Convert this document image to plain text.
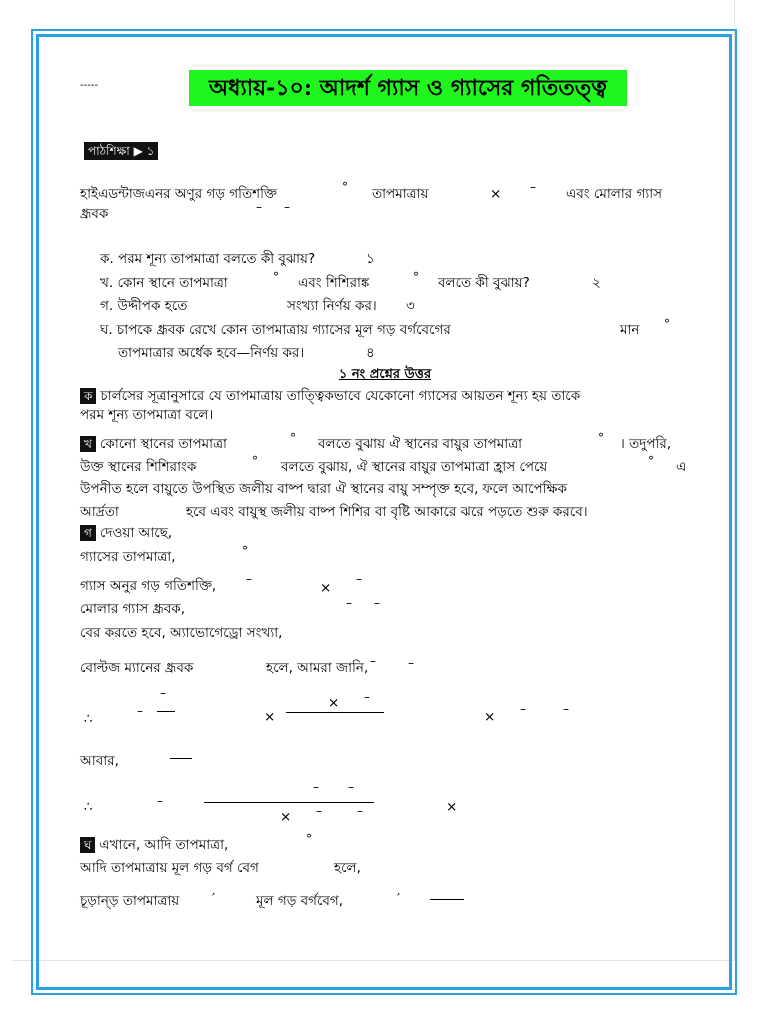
-----	অধ্যায়-১০: আদর্শ গ্যাস ও গ্যাসের গতিতত্ত্ব
পাঠশিক্ষা ▶ ১
হাইএডন্টাজএনর অণুর গড় গতিশক্তি	° তাপমাত্রায়	× – এবং মোলার গ্যাস
ধ্রূবক	– –
ক. পরম শূন্য তাপমাত্রা বলতে কী বুঝায়?	১
খ. কোন স্থানে তাপমাত্রা	° এবং শিশিরাঙ্ক	° বলতে কী বুঝায়?	২
গ. উদ্দীপক হতে	সংখ্যা নির্ণয় কর। ৩
ঘ. চাপকে ধ্রূবক রেখে কোন তাপমাত্রায় গ্যাসের মূল গড় বর্গবেগের	মান °
তাপমাত্রার অর্ধেক হবে—নির্ণয় কর।	৪
১ নং প্রশ্নের উত্তর
ক চার্লসের সূত্রানুসারে যে তাপমাত্রায় তাত্ত্বিকভাবে যেকোনো গ্যাসের আয়তন শূন্য হয় তাকে
পরম শূন্য তাপমাত্রা বলে।
খ কোনো স্থানের তাপমাত্রা	° বলতে বুঝায় ঐ স্থানের বায়ুর তাপমাত্রা	° । তদুপরি,
উক্ত স্থানের শিশিরাংক	° বলতে বুঝায়, ঐ স্থানের বায়ুর তাপমাত্রা হ্রাস পেয়ে	° এ
উপনীত হলে বায়ুতে উপস্থিত জলীয় বাষ্প দ্বারা ঐ স্থানের বায়ু সম্পৃক্ত হবে, ফলে আপেক্ষিক
আর্দ্রতা	হবে এবং বায়ুস্থ জলীয় বাষ্প শিশির বা বৃষ্টি আকারে ঝরে পড়তে শুরু করবে।
গ দেওয়া আছে,
গ্যাসের তাপমাত্রা,	°
গ্যাস অনুর গড় গতিশক্তি, –
×
–
মোলার গ্যাস ধ্রূবক,	– –
বের করতে হবে, অ্যাভোগেড্রো সংখ্যা,
বোল্টজ ম্যানের ধ্রূবক	হলে, আমরা জানি, –	–
–
∴	–	×
× –
× –	–
আবার,
– –
∴	–	×
× –	–
ঘ এখানে, আদি তাপমাত্রা,	°
আদি তাপমাত্রায় মূল গড় বর্গ বেগ	হলে,
চূড়ান্ড় তাপমাত্রায় ′	মূল গড় বর্গবেগ,	′
